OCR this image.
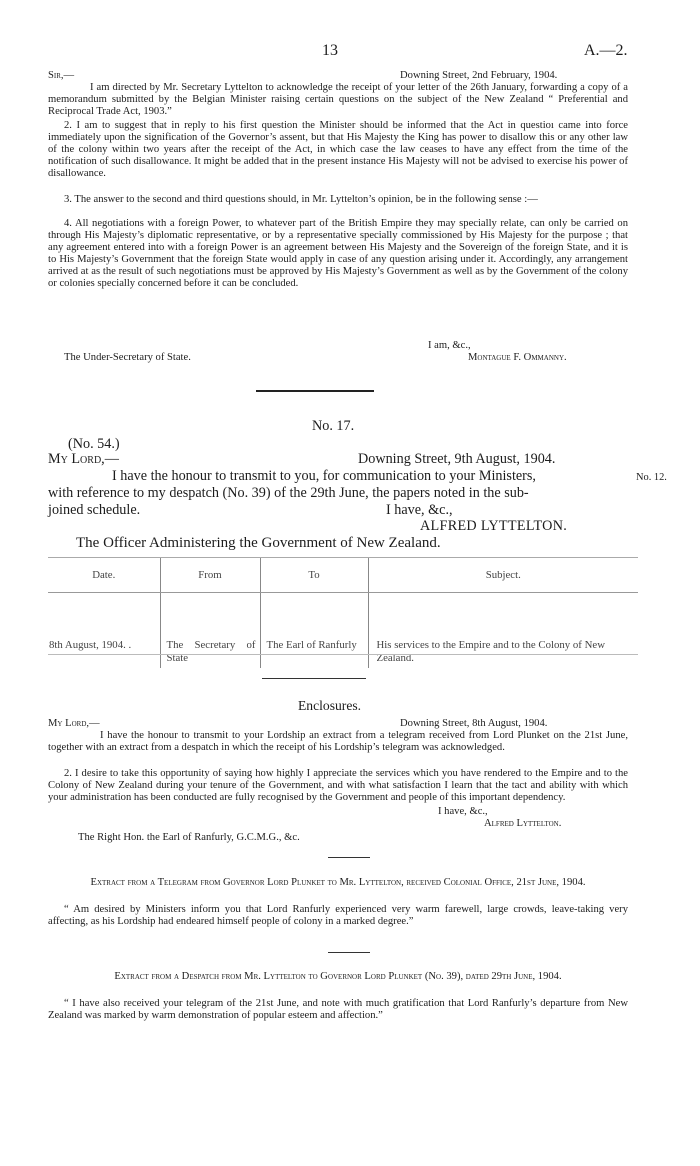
13	A.—2.
Sir,—	Downing Street, 2nd February, 1904.
I am directed by Mr. Secretary Lyttelton to acknowledge the receipt of your letter of the 26th January, forwarding a copy of a memorandum submitted by the Belgian Minister raising certain questions on the subject of the New Zealand “ Preferential and Reciprocal Trade Act, 1903.”
2. I am to suggest that in reply to his first question the Minister should be informed that the Act in questioı came into force immediately upon the signification of the Governor’s assent, but that His Majesty the King has power to disallow this or any other law of the colony within two years after the receipt of the Act, in which case the law ceases to have any effect from the time of the notification of such disallowance. It might be added that in the present instance His Majesty will not be advised to exercise his power of disallowance.
3. The answer to the second and third questions should, in Mr. Lyttelton’s opinion, be in the following sense :—
4. All negotiations with a foreign Power, to whatever part of the British Empire they may specially relate, can only be carried on through His Majesty’s diplomatic representative, or by a representative specially commissioned by His Majesty for the purpose ; that any agreement entered into with a foreign Power is an agreement between His Majesty and the Sovereign of the foreign State, and it is to His Majesty’s Government that the foreign State would apply in case of any question arising under it. Accordingly, any arrangement arrived at as the result of such negotiations must be approved by His Majesty’s Government as well as by the Government of the colony or colonies specially concerned before it can be concluded.
I am, &c.,
The Under-Secretary of State.	Montague F. Ommanny.
No. 17.
(No. 54.)
My Lord,—	Downing Street, 9th August, 1904.
I have the honour to transmit to you, for communication to your Ministers,	No. 12.
with reference to my despatch (No. 39) of the 29th June, the papers noted in the sub-
joined schedule.	I have, &c.,
ALFRED LYTTELTON.
The Officer Administering the Government of New Zealand.
Date.	From	To	Subject.
8th August, 1904. .	The Secretary of State	The Earl of Ranfurly	His services to the Empire and to the Colony of New Zealand.
Enclosures.
My Lord,—	Downing Street, 8th August, 1904.
I have the honour to transmit to your Lordship an extract from a telegram received from Lord Plunket on the 21st June, together with an extract from a despatch in which the receipt of his Lordship’s telegram was acknowledged.
2. I desire to take this opportunity of saying how highly I appreciate the services which you have rendered to the Empire and to the Colony of New Zealand during your tenure of the Government, and with what satisfaction I learn that the tact and ability with which your administration has been conducted are fully recognised by the Government and people of this important dependency.
I have, &c.,
Alfred Lyttelton.
The Right Hon. the Earl of Ranfurly, G.C.M.G., &c.
Extract from a Telegram from Governor Lord Plunket to Mr. Lyttelton, received Colonial Office, 21st June, 1904.
“ Am desired by Ministers inform you that Lord Ranfurly experienced very warm farewell, large crowds, leave-taking very affecting, as his Lordship had endeared himself people of colony in a marked degree.”
Extract from a Despatch from Mr. Lyttelton to Governor Lord Plunket (No. 39), dated 29th June, 1904.
“ I have also received your telegram of the 21st June, and note with much gratification that Lord Ranfurly’s departure from New Zealand was marked by warm demonstration of popular esteem and affection.”
